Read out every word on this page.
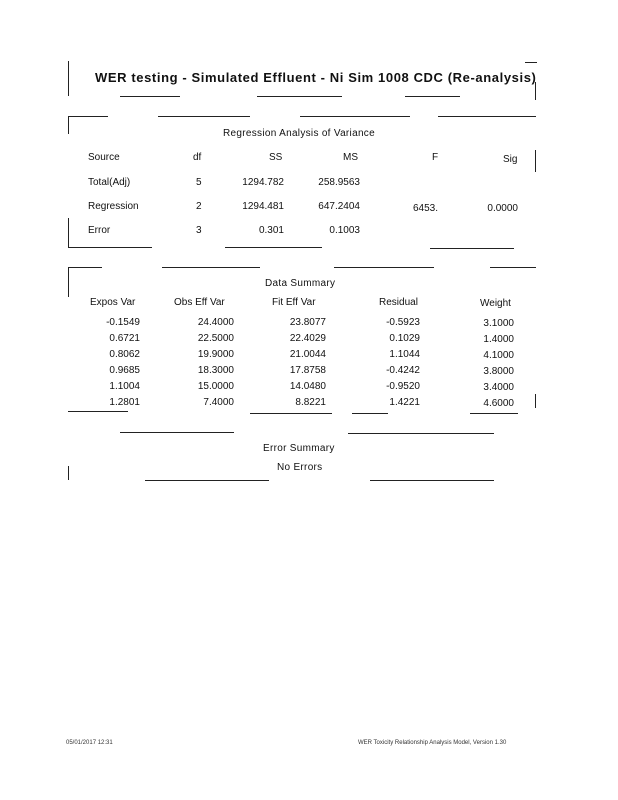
WER testing - Simulated Effluent - Ni Sim 1008 CDC (Re-analysis)
Regression Analysis of Variance
Source	df	SS	MS	F	Sig
Total(Adj)	5	1294.782	258.9563
Regression	2	1294.481	647.2404	6453.	0.0000
Error	3	0.301	0.1003
Data Summary
Expos Var	Obs Eff Var	Fit Eff Var	Residual	Weight
-0.1549	24.4000	23.8077	-0.5923	3.1000
0.6721	22.5000	22.4029	0.1029	1.4000
0.8062	19.9000	21.0044	1.1044	4.1000
0.9685	18.3000	17.8758	-0.4242	3.8000
1.1004	15.0000	14.0480	-0.9520	3.4000
1.2801	7.4000	8.8221	1.4221	4.6000
Error Summary
No Errors
05/01/2017 12:31	WER Toxicity Relationship Analysis Model, Version 1.30
